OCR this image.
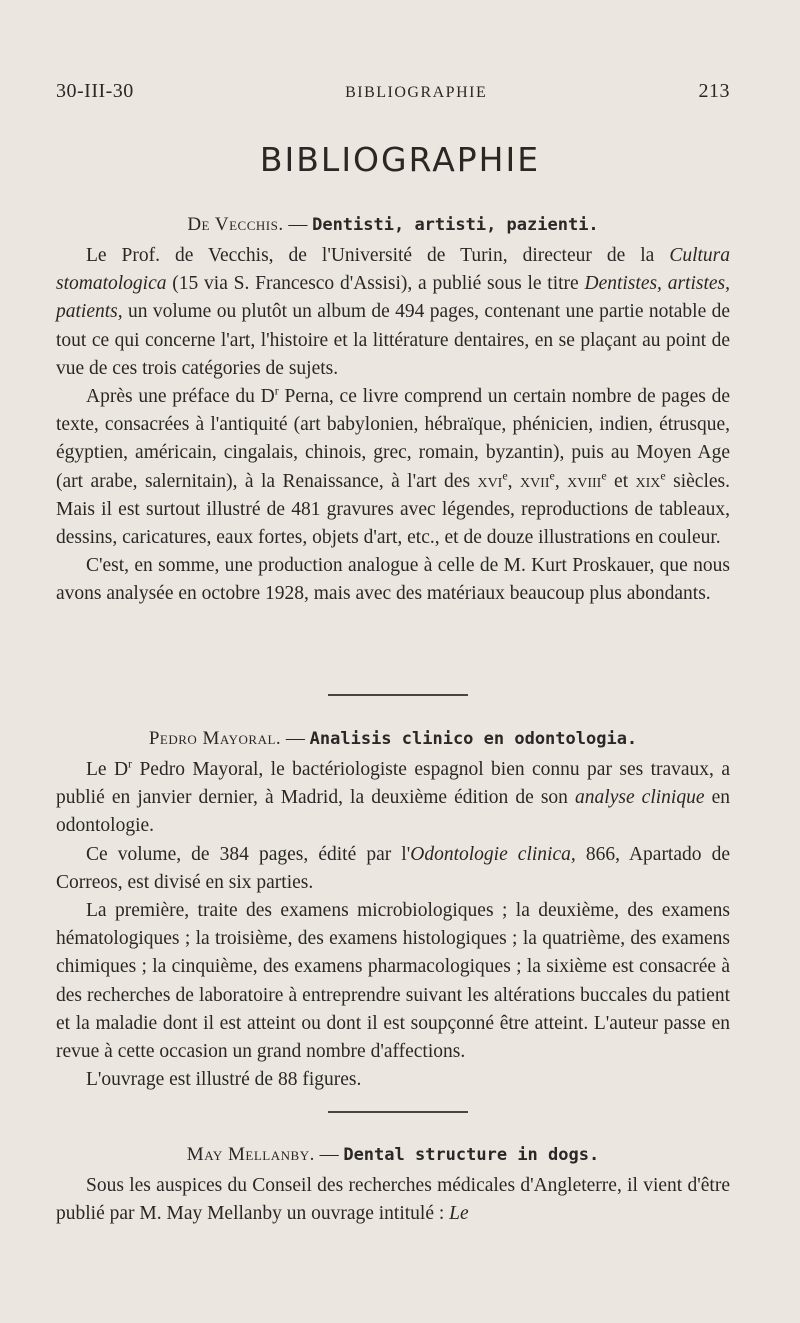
30-III-30	BIBLIOGRAPHIE	213
BIBLIOGRAPHIE
De Vecchis. — Dentisti, artisti, pazienti.

Le Prof. de Vecchis, de l'Université de Turin, directeur de la Cultura stomatologica (15 via S. Francesco d'Assisi), a publié sous le titre Dentistes, artistes, patients, un volume ou plutôt un album de 494 pages, contenant une partie notable de tout ce qui concerne l'art, l'histoire et la littérature dentaires, en se plaçant au point de vue de ces trois catégories de sujets.

Après une préface du $D^r$ Perna, ce livre comprend un certain nombre de pages de texte, consacrées à l'antiquité (art babylonien, hébraïque, phénicien, indien, étrusque, égyptien, américain, cingalais, chinois, grec, romain, byzantin), puis au Moyen Age (art arabe, salernitain), à la Renaissance, à l'art des xvi$^e$, xvii$^e$, xviii$^e$ et xix$^e$ siècles. Mais il est surtout illustré de 481 gravures avec légendes, reproductions de tableaux, dessins, caricatures, eaux fortes, objets d'art, etc., et de douze illustrations en couleur.

C'est, en somme, une production analogue à celle de M. Kurt Proskauer, que nous avons analysée en octobre 1928, mais avec des matériaux beaucoup plus abondants.

Pedro Mayoral. — Analisis clinico en odontologia.

Le $D^r$ Pedro Mayoral, le bactériologiste espagnol bien connu par ses travaux, a publié en janvier dernier, à Madrid, la deuxième édition de son analyse clinique en odontologie.

Ce volume, de 384 pages, édité par l'Odontologie clinica, 866, Apartado de Correos, est divisé en six parties.

La première, traite des examens microbiologiques ; la deuxième, des examens hématologiques ; la troisième, des examens histologiques ; la quatrième, des examens chimiques ; la cinquième, des examens pharmacologiques ; la sixième est consacrée à des recherches de laboratoire à entreprendre suivant les altérations buccales du patient et la maladie dont il est atteint ou dont il est soupçonné être atteint. L'auteur passe en revue à cette occasion un grand nombre d'affections.

L'ouvrage est illustré de 88 figures.

May Mellanby. — Dental structure in dogs.

Sous les auspices du Conseil des recherches médicales d'Angleterre, il vient d'être publié par M. May Mellanby un ouvrage intitulé : Le
